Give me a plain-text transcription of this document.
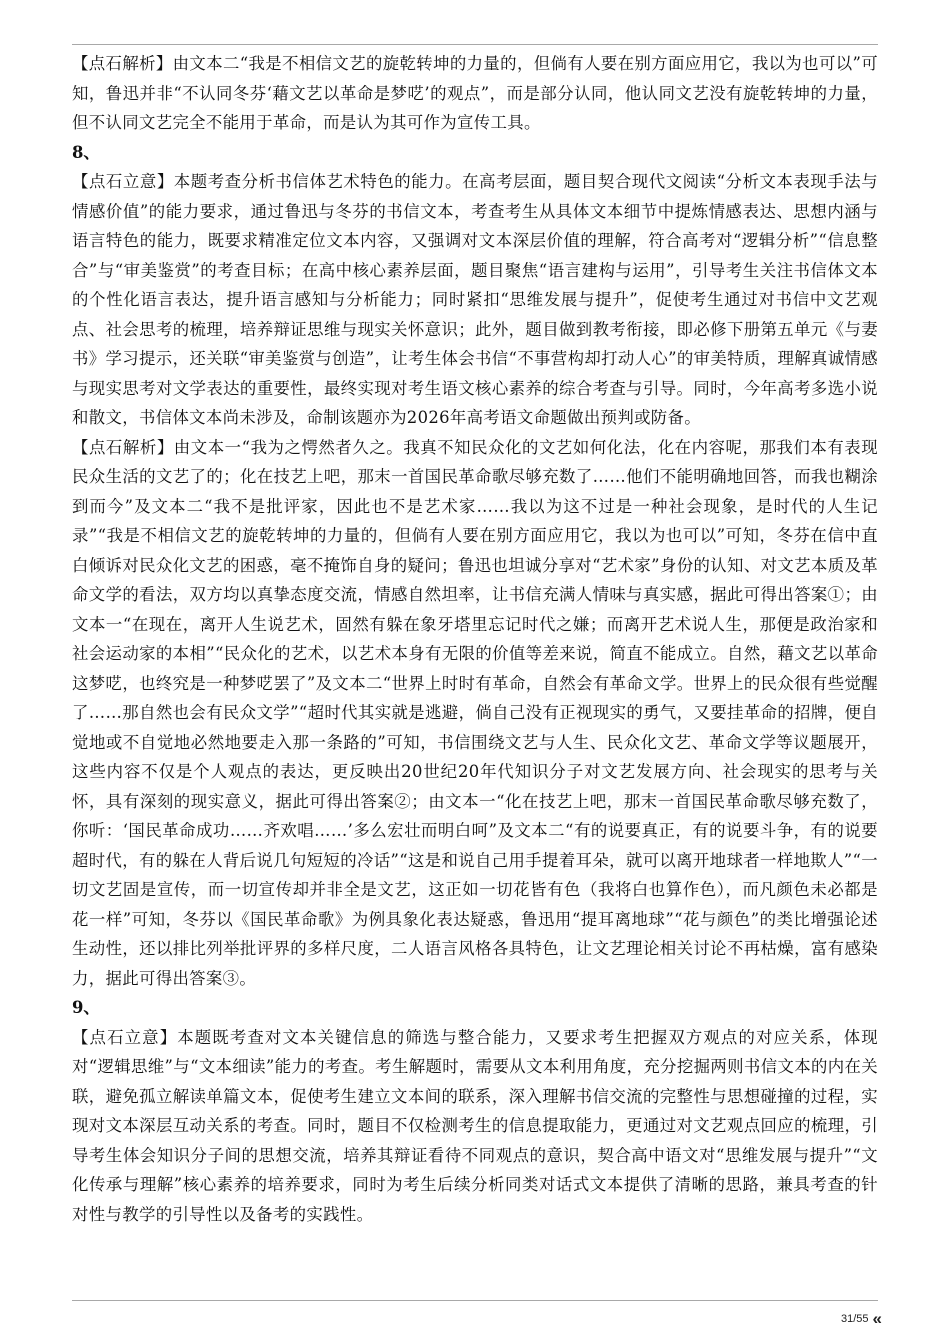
【点石解析】由文本二“我是不相信文艺的旋乾转坤的力量的，但倘有人要在别方面应用它，我以为也可以”可知，鲁迅并非“不认同冬芬‘藉文艺以革命是梦呓’的观点”，而是部分认同，他认同文艺没有旋乾转坤的力量，但不认同文艺完全不能用于革命，而是认为其可作为宣传工具。

8、

【点石立意】本题考查分析书信体艺术特色的能力。在高考层面，题目契合现代文阅读“分析文本表现手法与情感价值”的能力要求，通过鲁迅与冬芬的书信文本，考查考生从具体文本细节中提炼情感表达、思想内涵与语言特色的能力，既要求精准定位文本内容，又强调对文本深层价值的理解，符合高考对“逻辑分析”“信息整合”与“审美鉴赏”的考查目标；在高中核心素养层面，题目聚焦“语言建构与运用”，引导考生关注书信体文本的个性化语言表达，提升语言感知与分析能力；同时紧扣“思维发展与提升”，促使考生通过对书信中文艺观点、社会思考的梳理，培养辩证思维与现实关怀意识；此外，题目做到教考衔接，即必修下册第五单元《与妻书》学习提示，还关联“审美鉴赏与创造”，让考生体会书信“不事营构却打动人心”的审美特质，理解真诚情感与现实思考对文学表达的重要性，最终实现对考生语文核心素养的综合考查与引导。同时，今年高考多选小说和散文，书信体文本尚未涉及，命制该题亦为2026年高考语文命题做出预判或防备。

【点石解析】由文本一“我为之愕然者久之。我真不知民众化的文艺如何化法，化在内容呢，那我们本有表现民众生活的文艺了的；化在技艺上吧，那末一首国民革命歌尽够充数了……他们不能明确地回答，而我也糊涂到而今”及文本二“我不是批评家，因此也不是艺术家……我以为这不过是一种社会现象，是时代的人生记录”“我是不相信文艺的旋乾转坤的力量的，但倘有人要在别方面应用它，我以为也可以”可知，冬芬在信中直白倾诉对民众化文艺的困惑，毫不掩饰自身的疑问；鲁迅也坦诚分享对“艺术家”身份的认知、对文艺本质及革命文学的看法，双方均以真挚态度交流，情感自然坦率，让书信充满人情味与真实感，据此可得出答案①；由文本一“在现在，离开人生说艺术，固然有躲在象牙塔里忘记时代之嫌；而离开艺术说人生，那便是政治家和社会运动家的本相”“民众化的艺术，以艺术本身有无限的价值等差来说，简直不能成立。自然，藉文艺以革命这梦呓，也终究是一种梦呓罢了”及文本二“世界上时时有革命，自然会有革命文学。世界上的民众很有些觉醒了……那自然也会有民众文学”“超时代其实就是逃避，倘自己没有正视现实的勇气，又要挂革命的招牌，便自觉地或不自觉地必然地要走入那一条路的”可知，书信围绕文艺与人生、民众化文艺、革命文学等议题展开，这些内容不仅是个人观点的表达，更反映出20世纪20年代知识分子对文艺发展方向、社会现实的思考与关怀，具有深刻的现实意义，据此可得出答案②；由文本一“化在技艺上吧，那末一首国民革命歌尽够充数了，你听：‘国民革命成功……齐欢唱……’多么宏壮而明白呵”及文本二“有的说要真正，有的说要斗争，有的说要超时代，有的躲在人背后说几句短短的冷话”“这是和说自己用手提着耳朵，就可以离开地球者一样地欺人”“一切文艺固是宣传，而一切宣传却并非全是文艺，这正如一切花皆有色（我将白也算作色），而凡颜色未必都是花一样”可知，冬芬以《国民革命歌》为例具象化表达疑惑，鲁迅用“提耳离地球”“花与颜色”的类比增强论述生动性，还以排比列举批评界的多样尺度，二人语言风格各具特色，让文艺理论相关讨论不再枯燥，富有感染力，据此可得出答案③。

9、

【点石立意】本题既考查对文本关键信息的筛选与整合能力，又要求考生把握双方观点的对应关系，体现对“逻辑思维”与“文本细读”能力的考查。考生解题时，需要从文本利用角度，充分挖掘两则书信文本的内在关联，避免孤立解读单篇文本，促使考生建立文本间的联系，深入理解书信交流的完整性与思想碰撞的过程，实现对文本深层互动关系的考查。同时，题目不仅检测考生的信息提取能力，更通过对文艺观点回应的梳理，引导考生体会知识分子间的思想交流，培养其辩证看待不同观点的意识，契合高中语文对“思维发展与提升”“文化传承与理解”核心素养的培养要求，同时为考生后续分析同类对话式文本提供了清晰的思路，兼具考查的针对性与教学的引导性以及备考的实践性。

31/55 «
